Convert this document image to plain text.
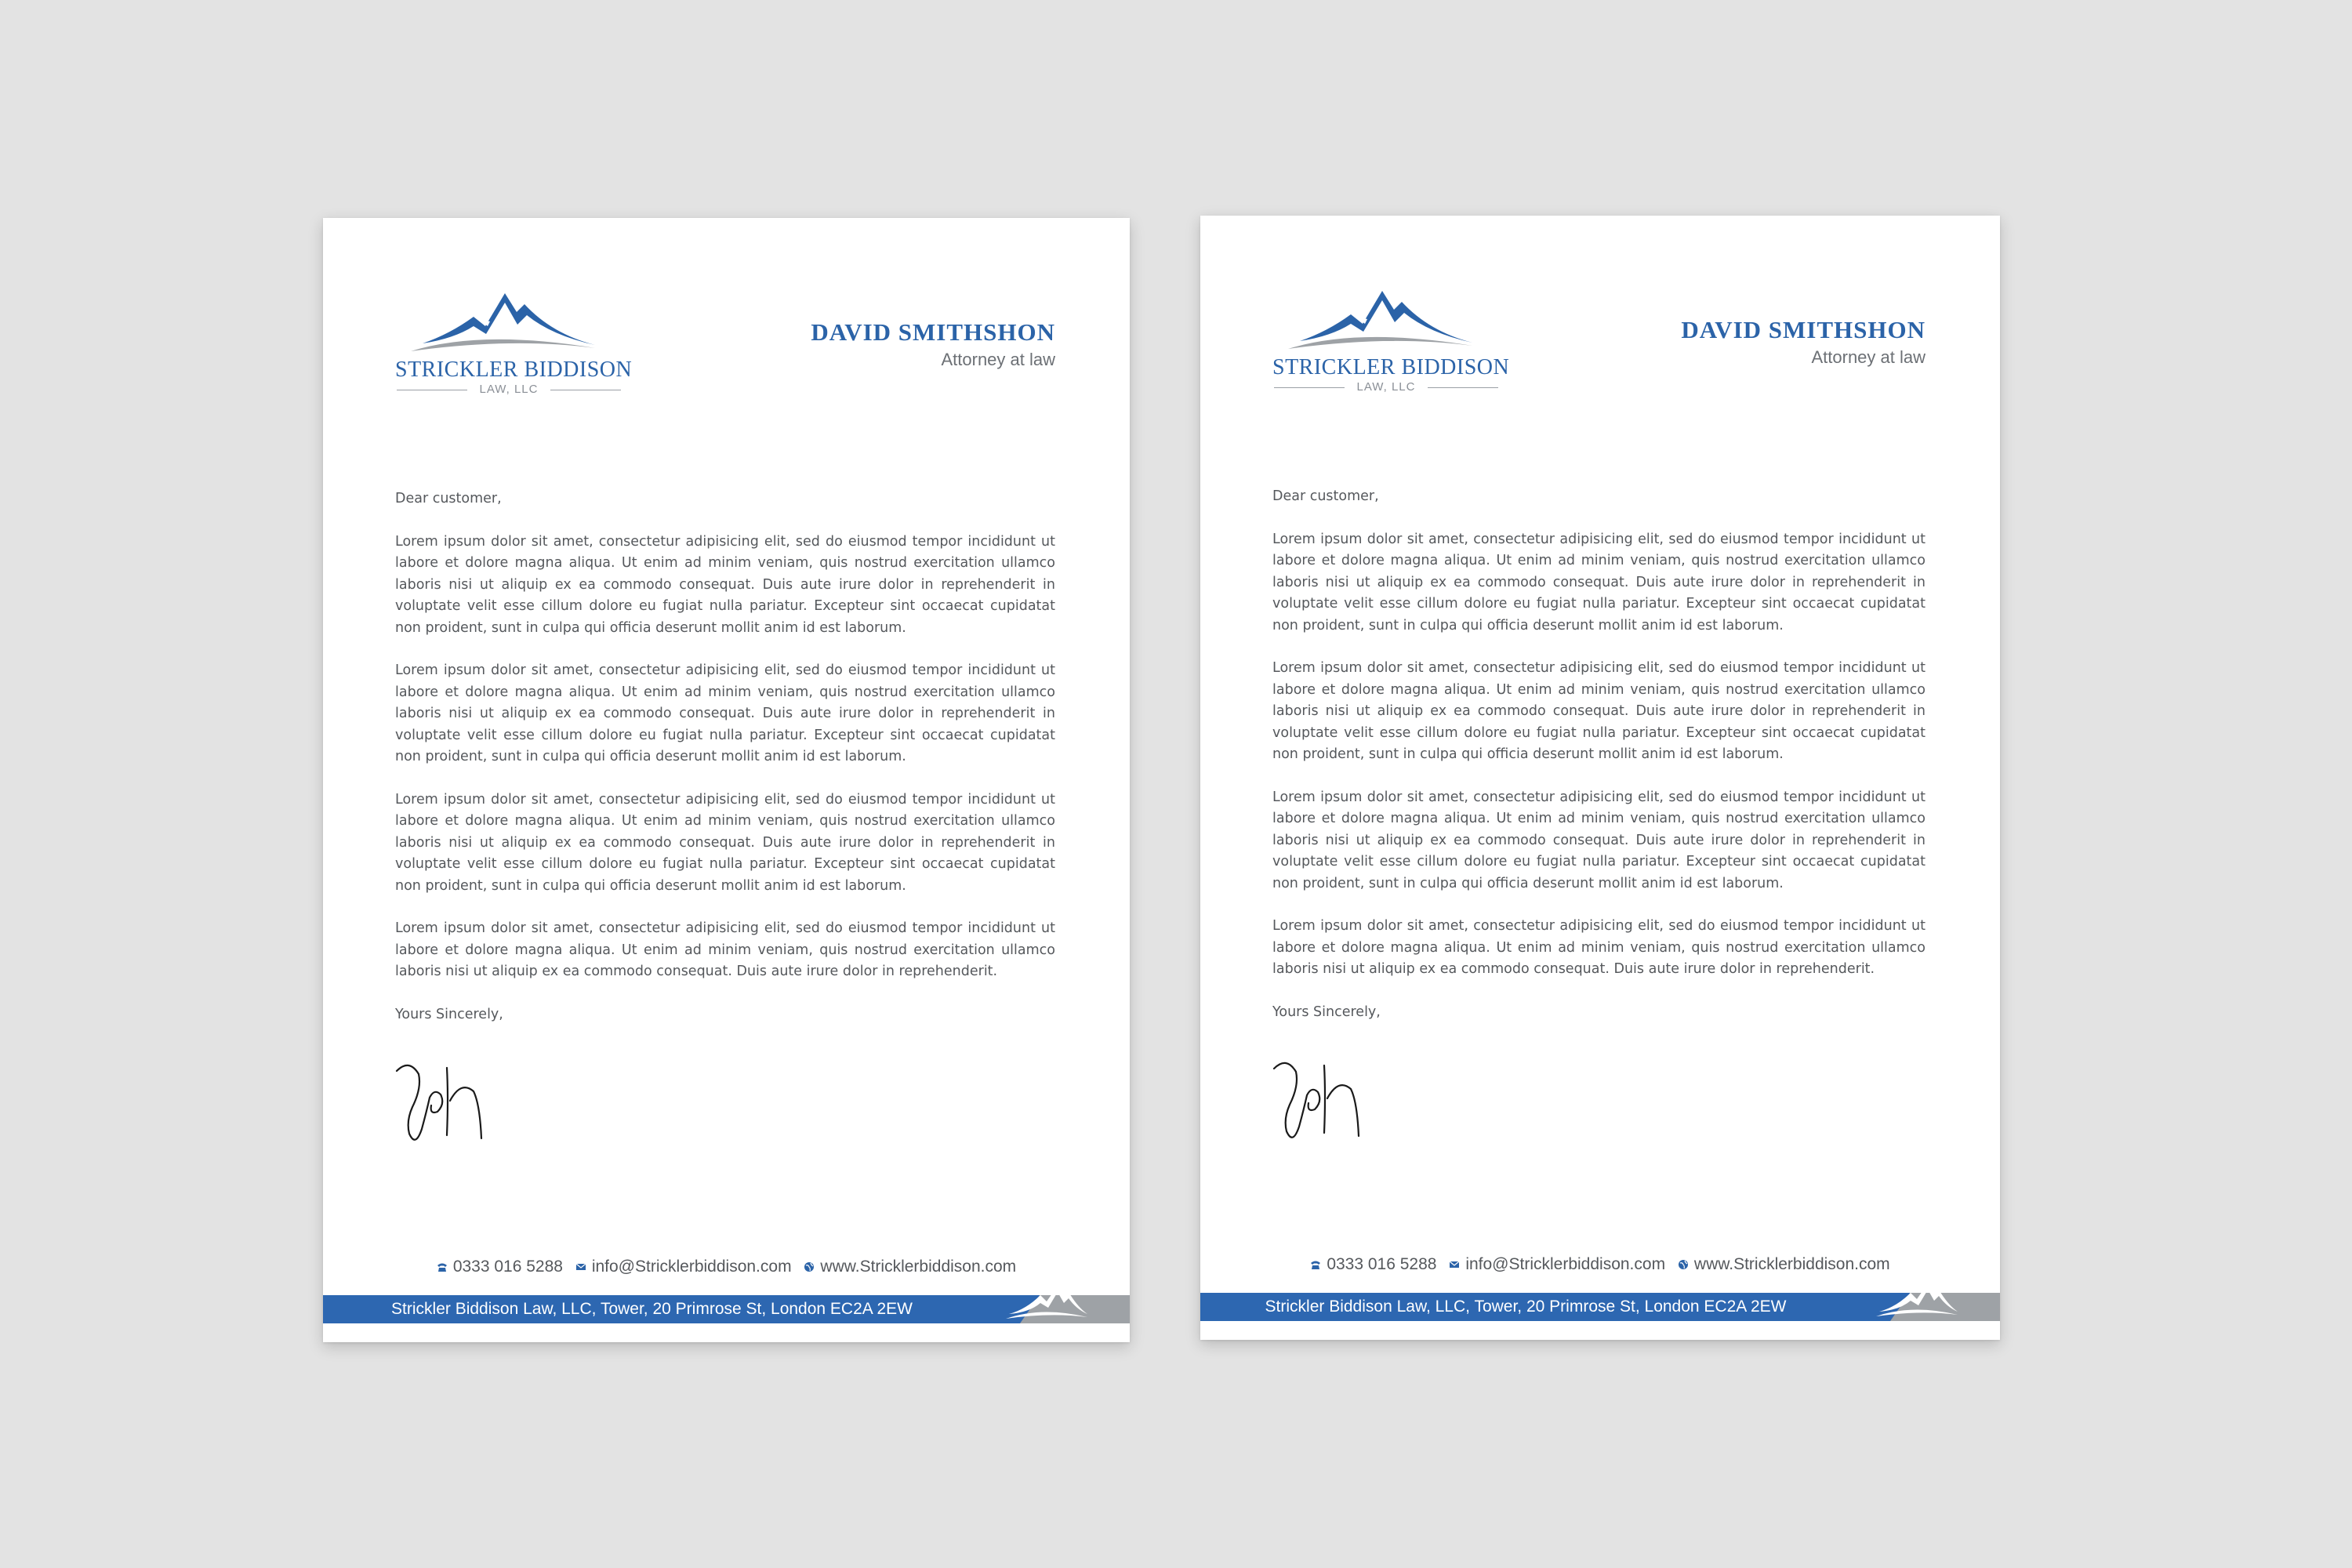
STRICKLER BIDDISON
LAW, LLC
DAVID SMITHSHON
Attorney at law

Dear customer,

Lorem ipsum dolor sit amet, consectetur adipisicing elit, sed do eiusmod tempor incididunt ut labore et dolore magna aliqua. Ut enim ad minim veniam, quis nostrud exercitation ullamco laboris nisi ut aliquip ex ea commodo consequat. Duis aute irure dolor in reprehenderit in voluptate velit esse cillum dolore eu fugiat nulla pariatur. Excepteur sint occaecat cupidatat non proident, sunt in culpa qui officia deserunt mollit anim id est laborum.

Lorem ipsum dolor sit amet, consectetur adipisicing elit, sed do eiusmod tempor incididunt ut labore et dolore magna aliqua. Ut enim ad minim veniam, quis nostrud exercitation ullamco laboris nisi ut aliquip ex ea commodo consequat. Duis aute irure dolor in reprehenderit in voluptate velit esse cillum dolore eu fugiat nulla pariatur. Excepteur sint occaecat cupidatat non proident, sunt in culpa qui officia deserunt mollit anim id est laborum.

Lorem ipsum dolor sit amet, consectetur adipisicing elit, sed do eiusmod tempor incididunt ut labore et dolore magna aliqua. Ut enim ad minim veniam, quis nostrud exercitation ullamco laboris nisi ut aliquip ex ea commodo consequat. Duis aute irure dolor in reprehenderit in voluptate velit esse cillum dolore eu fugiat nulla pariatur. Excepteur sint occaecat cupidatat non proident, sunt in culpa qui officia deserunt mollit anim id est laborum.

Lorem ipsum dolor sit amet, consectetur adipisicing elit, sed do eiusmod tempor incididunt ut labore et dolore magna aliqua. Ut enim ad minim veniam, quis nostrud exercitation ullamco laboris nisi ut aliquip ex ea commodo consequat. Duis aute irure dolor in reprehenderit.

Yours Sincerely,

0333 016 5288 info@Stricklerbiddison.com www.Stricklerbiddison.com
Strickler Biddison Law, LLC, Tower, 20 Primrose St, London EC2A 2EW
STRICKLER BIDDISON
LAW, LLC
DAVID SMITHSHON
Attorney at law

Dear customer,

Lorem ipsum dolor sit amet, consectetur adipisicing elit, sed do eiusmod tempor incididunt ut labore et dolore magna aliqua. Ut enim ad minim veniam, quis nostrud exercitation ullamco laboris nisi ut aliquip ex ea commodo consequat. Duis aute irure dolor in reprehenderit in voluptate velit esse cillum dolore eu fugiat nulla pariatur. Excepteur sint occaecat cupidatat non proident, sunt in culpa qui officia deserunt mollit anim id est laborum.

Lorem ipsum dolor sit amet, consectetur adipisicing elit, sed do eiusmod tempor incididunt ut labore et dolore magna aliqua. Ut enim ad minim veniam, quis nostrud exercitation ullamco laboris nisi ut aliquip ex ea commodo consequat. Duis aute irure dolor in reprehenderit in voluptate velit esse cillum dolore eu fugiat nulla pariatur. Excepteur sint occaecat cupidatat non proident, sunt in culpa qui officia deserunt mollit anim id est laborum.

Lorem ipsum dolor sit amet, consectetur adipisicing elit, sed do eiusmod tempor incididunt ut labore et dolore magna aliqua. Ut enim ad minim veniam, quis nostrud exercitation ullamco laboris nisi ut aliquip ex ea commodo consequat. Duis aute irure dolor in reprehenderit in voluptate velit esse cillum dolore eu fugiat nulla pariatur. Excepteur sint occaecat cupidatat non proident, sunt in culpa qui officia deserunt mollit anim id est laborum.

Lorem ipsum dolor sit amet, consectetur adipisicing elit, sed do eiusmod tempor incididunt ut labore et dolore magna aliqua. Ut enim ad minim veniam, quis nostrud exercitation ullamco laboris nisi ut aliquip ex ea commodo consequat. Duis aute irure dolor in reprehenderit.

Yours Sincerely,

0333 016 5288 info@Stricklerbiddison.com www.Stricklerbiddison.com
Strickler Biddison Law, LLC, Tower, 20 Primrose St, London EC2A 2EW
